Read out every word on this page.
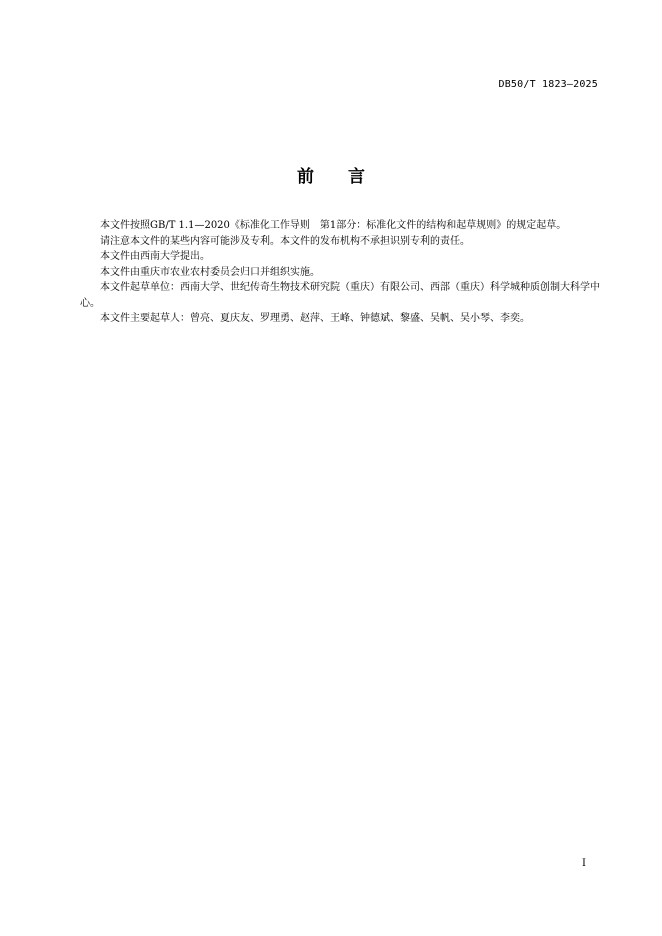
DB50/T 1823—2025
前 言

本文件按照GB/T 1.1—2020《标准化工作导则　第1部分：标准化文件的结构和起草规则》的规定起草。

请注意本文件的某些内容可能涉及专利。本文件的发布机构不承担识别专利的责任。

本文件由西南大学提出。

本文件由重庆市农业农村委员会归口并组织实施。

本文件起草单位：西南大学、世纪传奇生物技术研究院（重庆）有限公司、西部（重庆）科学城种质创制大科学中心。

本文件主要起草人：曾亮、夏庆友、罗理勇、赵萍、王峰、钟德斌、黎盛、吴帆、吴小琴、李奕。

I
